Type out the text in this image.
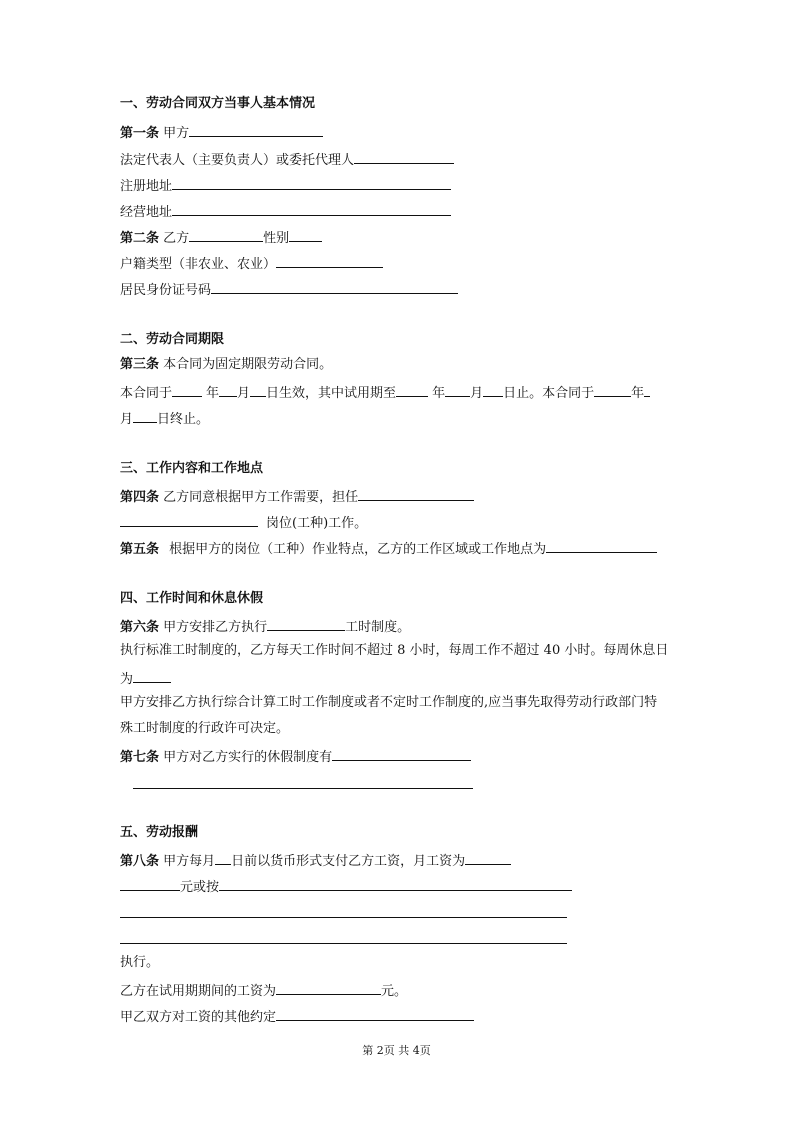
一、劳动合同双方当事人基本情况
第一条 甲方
法定代表人（主要负责人）或委托代理人
注册地址
经营地址
第二条 乙方	性别
户籍类型（非农业、农业）
居民身份证号码
二、劳动合同期限
第三条 本合同为固定期限劳动合同。
本合同于	年 月 日生效，其中试用期至	年 月 日止。本合同于	年
月 日终止。
三、工作内容和工作地点
第四条 乙方同意根据甲方工作需要，担任
岗位(工种)工作。
第五条 根据甲方的岗位（工种）作业特点，乙方的工作区域或工作地点为
四、工作时间和休息休假
第六条 甲方安排乙方执行	工时制度。
执行标准工时制度的，乙方每天工作时间不超过 8 小时，每周工作不超过 40 小时。每周休息日
为
甲方安排乙方执行综合计算工时工作制度或者不定时工作制度的,应当事先取得劳动行政部门特
殊工时制度的行政许可决定。
第七条 甲方对乙方实行的休假制度有
五、劳动报酬
第八条 甲方每月 日前以货币形式支付乙方工资，月工资为
元或按
执行。
乙方在试用期期间的工资为	元。
甲乙双方对工资的其他约定
第 2页 共 4页
